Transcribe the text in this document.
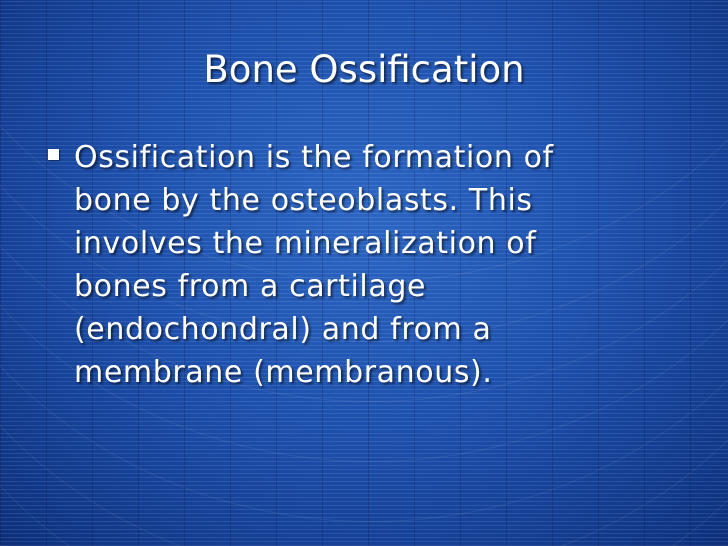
Bone Ossification
Ossification is the formation of
bone by the osteoblasts. This
involves the mineralization of
bones from a cartilage
(endochondral) and from a
membrane (membranous).
